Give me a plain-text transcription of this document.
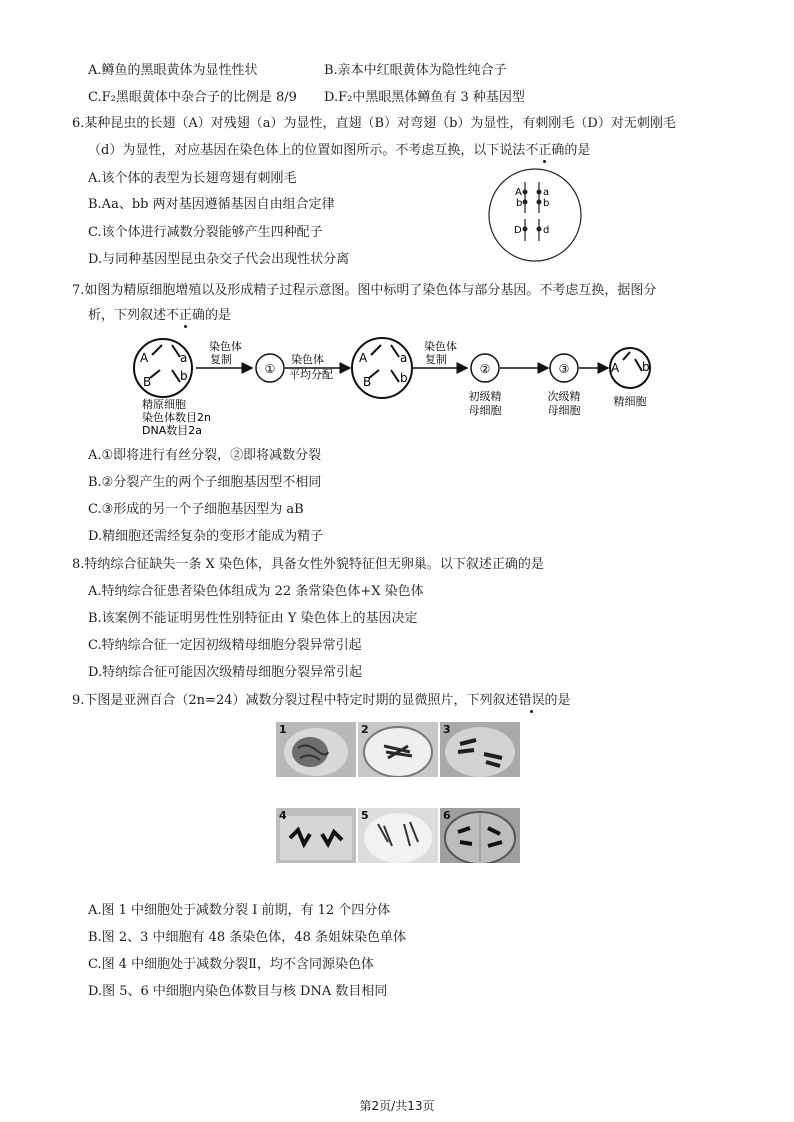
A.鳟鱼的黑眼黄体为显性性状	B.亲本中红眼黄体为隐性纯合子
C.F₂黑眼黄体中杂合子的比例是 8/9 D.F₂中黑眼黑体鳟鱼有 3 种基因型
6.某种昆虫的长翅（A）对残翅（a）为显性，直翅（B）对弯翅（b）为显性，有刺刚毛（D）对无刺刚毛
（d）为显性，对应基因在染色体上的位置如图所示。不考虑互换，以下说法不正确的是
A.该个体的表型为长翅弯翅有刺刚毛
B.Aa、bb 两对基因遵循基因自由组合定律
C.该个体进行减数分裂能够产生四种配子
D.与同种基因型昆虫杂交子代会出现性状分离
A a
b b
D d
7.如图为精原细胞增殖以及形成精子过程示意图。图中标明了染色体与部分基因。不考虑互换，据图分
析，下列叙述不正确的是
A	a
B b
染色体
复制
①
染色体
平均分配
A	a
B b
染色体
复制
②	③	A b
精原细胞
染色体数目2n
DNA数目2a
初级精
母细胞
次级精
母细胞
精细胞
A.①即将进行有丝分裂，②即将减数分裂
B.②分裂产生的两个子细胞基因型不相同
C.③形成的另一个子细胞基因型为 aB
D.精细胞还需经复杂的变形才能成为精子
8.特纳综合征缺失一条 X 染色体，具备女性外貌特征但无卵巢。以下叙述正确的是
A.特纳综合征患者染色体组成为 22 条常染色体+X 染色体
B.该案例不能证明男性性别特征由 Y 染色体上的基因决定
C.特纳综合征一定因初级精母细胞分裂异常引起
D.特纳综合征可能因次级精母细胞分裂异常引起
9.下图是亚洲百合（2n=24）减数分裂过程中特定时期的显微照片，下列叙述错误的是
1	2	3
4	5	6
A.图 1 中细胞处于减数分裂 I 前期，有 12 个四分体
B.图 2、3 中细胞有 48 条染色体，48 条姐妹染色单体
C.图 4 中细胞处于减数分裂Ⅱ，均不含同源染色体
D.图 5、6 中细胞内染色体数目与核 DNA 数目相同
第2页/共13页
